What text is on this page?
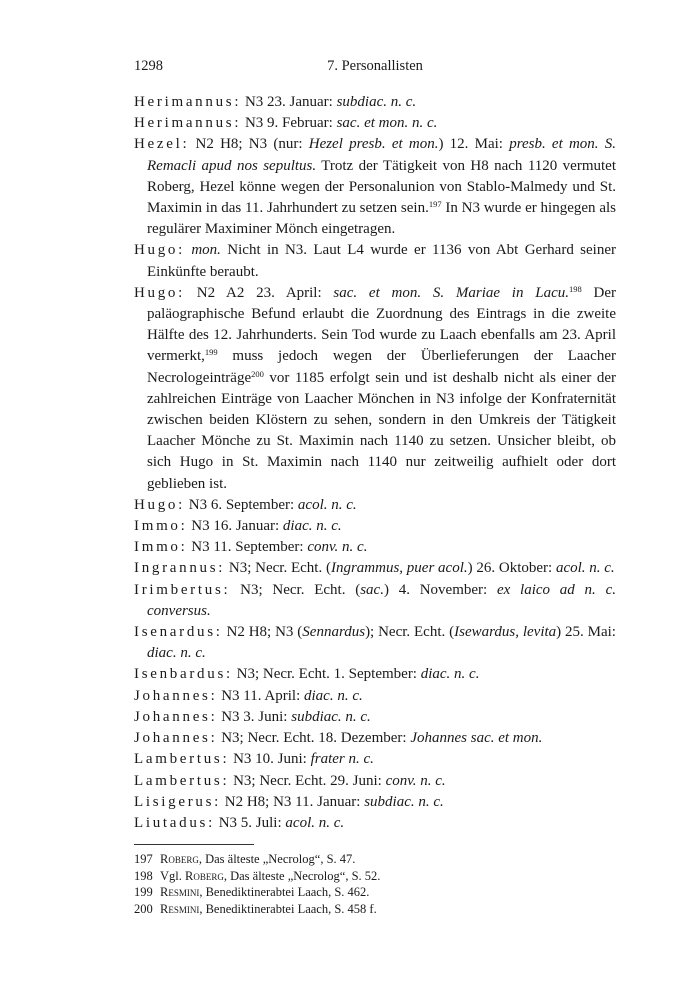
1298	7. Personallisten

Herimannus: N3 23. Januar: subdiac. n. c.

Herimannus: N3 9. Februar: sac. et mon. n. c.

Hezel: N2 H8; N3 (nur: Hezel presb. et mon.) 12. Mai: presb. et mon. S. Remacli apud nos sepultus. Trotz der Tätigkeit von H8 nach 1120 vermutet Roberg, Hezel könne wegen der Personalunion von Stablo-Malmedy und St. Maximin in das 11. Jahrhundert zu setzen sein.$^{197}$ In N3 wurde er hingegen als regulärer Maximiner Mönch eingetragen.

Hugo: mon. Nicht in N3. Laut L4 wurde er 1136 von Abt Gerhard seiner Einkünfte beraubt.

Hugo: N2 A2 23. April: sac. et mon. S. Mariae in Lacu.$^{198}$ Der paläographische Befund erlaubt die Zuordnung des Eintrags in die zweite Hälfte des 12. Jahrhunderts. Sein Tod wurde zu Laach ebenfalls am 23. April vermerkt,$^{199}$ muss jedoch wegen der Überlieferungen der Laacher Necrologeinträge$^{200}$ vor 1185 erfolgt sein und ist deshalb nicht als einer der zahlreichen Einträge von Laacher Mönchen in N3 infolge der Konfraternität zwischen beiden Klöstern zu sehen, sondern in den Umkreis der Tätigkeit Laacher Mönche zu St. Maximin nach 1140 zu setzen. Unsicher bleibt, ob sich Hugo in St. Maximin nach 1140 nur zeitweilig aufhielt oder dort geblieben ist.

Hugo: N3 6. September: acol. n. c.

Immo: N3 16. Januar: diac. n. c.

Immo: N3 11. September: conv. n. c.

Ingrannus: N3; Necr. Echt. (Ingrammus, puer acol.) 26. Oktober: acol. n. c.

Irimbertus: N3; Necr. Echt. (sac.) 4. November: ex laico ad n. c. conversus.

Isenardus: N2 H8; N3 (Sennardus); Necr. Echt. (Isewardus, levita) 25. Mai: diac. n. c.

Isenbardus: N3; Necr. Echt. 1. September: diac. n. c.

Johannes: N3 11. April: diac. n. c.

Johannes: N3 3. Juni: subdiac. n. c.

Johannes: N3; Necr. Echt. 18. Dezember: Johannes sac. et mon.

Lambertus: N3 10. Juni: frater n. c.

Lambertus: N3; Necr. Echt. 29. Juni: conv. n. c.

Lisigerus: N2 H8; N3 11. Januar: subdiac. n. c.

Liutadus: N3 5. Juli: acol. n. c.

197 Roberg, Das älteste „Necrolog“, S. 47.

198 Vgl. Roberg, Das älteste „Necrolog“, S. 52.

199 Resmini, Benediktinerabtei Laach, S. 462.

200 Resmini, Benediktinerabtei Laach, S. 458 f.
